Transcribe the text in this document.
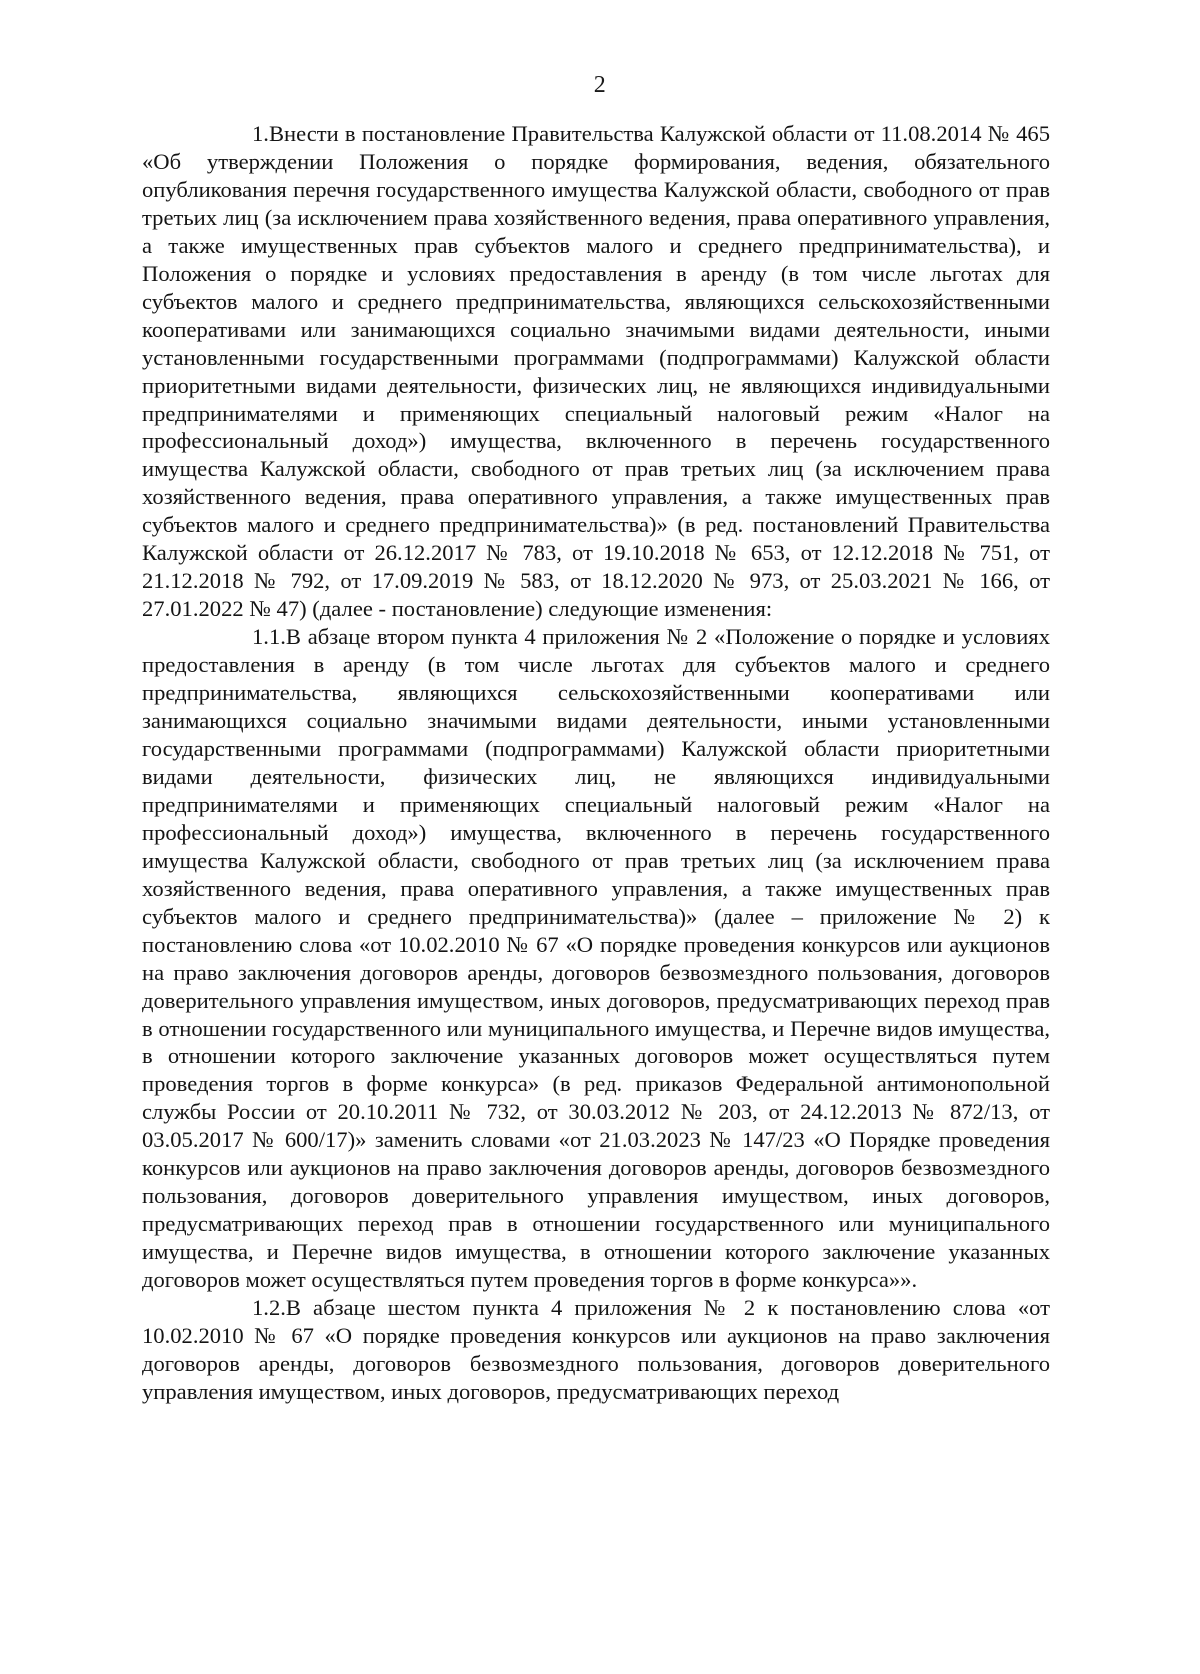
2

1.Внести в постановление Правительства Калужской области от 11.08.2014 № 465 «Об утверждении Положения о порядке формирования, ведения, обязательного опубликования перечня государственного имущества Калужской области, свободного от прав третьих лиц (за исключением права хозяйственного ведения, права оперативного управления, а также имущественных прав субъектов малого и среднего предпринимательства), и Положения о порядке и условиях предоставления в аренду (в том числе льготах для субъектов малого и среднего предпринимательства, являющихся сельскохозяйственными кооперативами или занимающихся социально значимыми видами деятельности, иными установленными государственными программами (подпрограммами) Калужской области приоритетными видами деятельности, физических лиц, не являющихся индивидуальными предпринимателями и применяющих специальный налоговый режим «Налог на профессиональный доход») имущества, включенного в перечень государственного имущества Калужской области, свободного от прав третьих лиц (за исключением права хозяйственного ведения, права оперативного управления, а также имущественных прав субъектов малого и среднего предпринимательства)» (в ред. постановлений Правительства Калужской области от 26.12.2017 № 783, от 19.10.2018 № 653, от 12.12.2018 № 751, от 21.12.2018 № 792, от 17.09.2019 № 583, от 18.12.2020 № 973, от 25.03.2021 № 166, от 27.01.2022 № 47) (далее - постановление) следующие изменения:

1.1.В абзаце втором пункта 4 приложения № 2 «Положение о порядке и условиях предоставления в аренду (в том числе льготах для субъектов малого и среднего предпринимательства, являющихся сельскохозяйственными кооперативами или занимающихся социально значимыми видами деятельности, иными установленными государственными программами (подпрограммами) Калужской области приоритетными видами деятельности, физических лиц, не являющихся индивидуальными предпринимателями и применяющих специальный налоговый режим «Налог на профессиональный доход») имущества, включенного в перечень государственного имущества Калужской области, свободного от прав третьих лиц (за исключением права хозяйственного ведения, права оперативного управления, а также имущественных прав субъектов малого и среднего предпринимательства)» (далее – приложение № 2) к постановлению слова «от 10.02.2010 № 67 «О порядке проведения конкурсов или аукционов на право заключения договоров аренды, договоров безвозмездного пользования, договоров доверительного управления имуществом, иных договоров, предусматривающих переход прав в отношении государственного или муниципального имущества, и Перечне видов имущества, в отношении которого заключение указанных договоров может осуществляться путем проведения торгов в форме конкурса» (в ред. приказов Федеральной антимонопольной службы России от 20.10.2011 № 732, от 30.03.2012 № 203, от 24.12.2013 № 872/13, от 03.05.2017 № 600/17)» заменить словами «от 21.03.2023 № 147/23 «О Порядке проведения конкурсов или аукционов на право заключения договоров аренды, договоров безвозмездного пользования, договоров доверительного управления имуществом, иных договоров, предусматривающих переход прав в отношении государственного или муниципального имущества, и Перечне видов имущества, в отношении которого заключение указанных договоров может осуществляться путем проведения торгов в форме конкурса»».

1.2.В абзаце шестом пункта 4 приложения № 2 к постановлению слова «от 10.02.2010 № 67 «О порядке проведения конкурсов или аукционов на право заключения договоров аренды, договоров безвозмездного пользования, договоров доверительного управления имуществом, иных договоров, предусматривающих переход
